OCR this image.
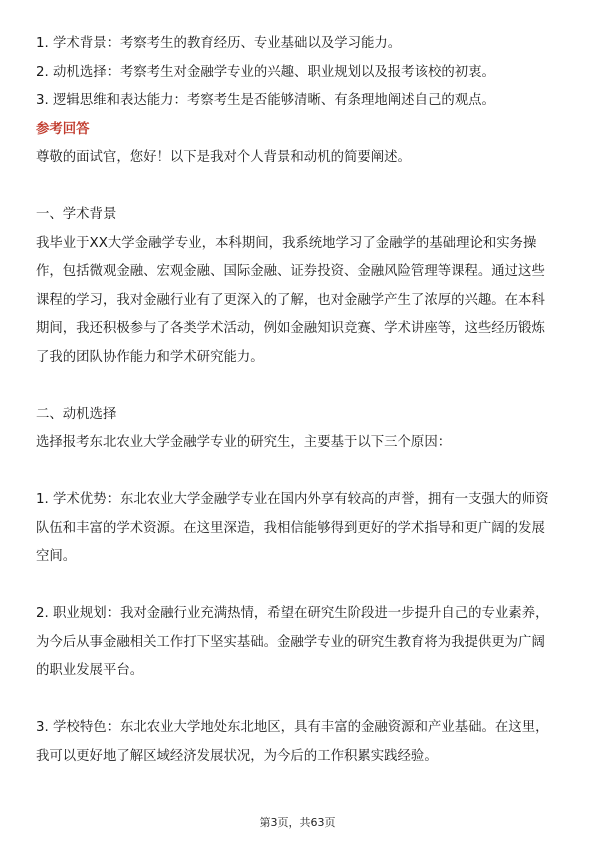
1. 学术背景：考察考生的教育经历、专业基础以及学习能力。

2. 动机选择：考察考生对金融学专业的兴趣、职业规划以及报考该校的初衷。

3. 逻辑思维和表达能力：考察考生是否能够清晰、有条理地阐述自己的观点。

参考回答

尊敬的面试官，您好！以下是我对个人背景和动机的简要阐述。

一、学术背景

我毕业于XX大学金融学专业，本科期间，我系统地学习了金融学的基础理论和实务操作，包括微观金融、宏观金融、国际金融、证券投资、金融风险管理等课程。通过这些课程的学习，我对金融行业有了更深入的了解，也对金融学产生了浓厚的兴趣。在本科期间，我还积极参与了各类学术活动，例如金融知识竞赛、学术讲座等，这些经历锻炼了我的团队协作能力和学术研究能力。

二、动机选择

选择报考东北农业大学金融学专业的研究生，主要基于以下三个原因：

1. 学术优势：东北农业大学金融学专业在国内外享有较高的声誉，拥有一支强大的师资队伍和丰富的学术资源。在这里深造，我相信能够得到更好的学术指导和更广阔的发展空间。

2. 职业规划：我对金融行业充满热情，希望在研究生阶段进一步提升自己的专业素养，为今后从事金融相关工作打下坚实基础。金融学专业的研究生教育将为我提供更为广阔的职业发展平台。

3. 学校特色：东北农业大学地处东北地区，具有丰富的金融资源和产业基础。在这里，我可以更好地了解区域经济发展状况，为今后的工作积累实践经验。

第3页，共63页
